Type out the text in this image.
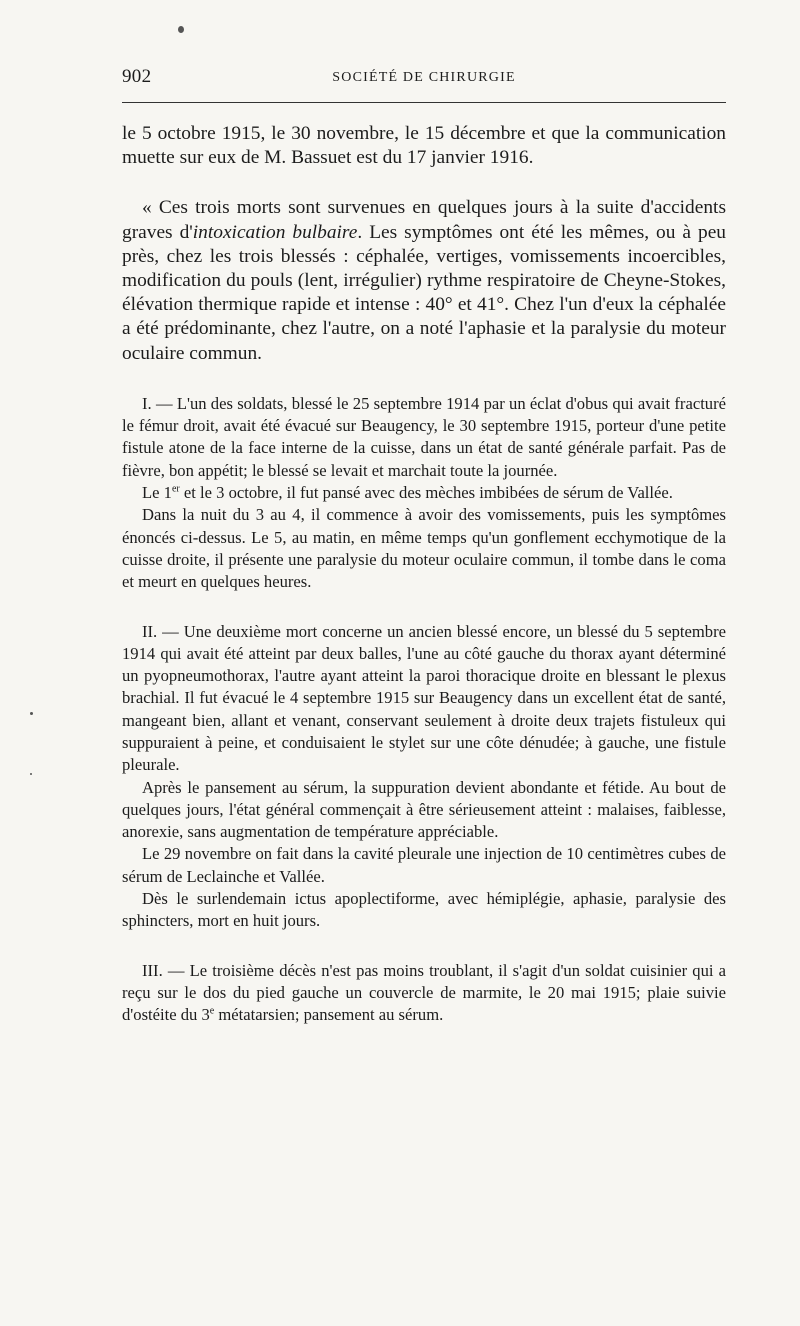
902	SOCIÉTÉ DE CHIRURGIE

le 5 octobre 1915, le 30 novembre, le 15 décembre et que la communication muette sur eux de M. Bassuet est du 17 janvier 1916.

« Ces trois morts sont survenues en quelques jours à la suite d'accidents graves d'intoxication bulbaire. Les symptômes ont été les mêmes, ou à peu près, chez les trois blessés : céphalée, vertiges, vomissements incoercibles, modification du pouls (lent, irrégulier) rythme respiratoire de Cheyne-Stokes, élévation thermique rapide et intense : 40° et 41°. Chez l'un d'eux la céphalée a été prédominante, chez l'autre, on a noté l'aphasie et la paralysie du moteur oculaire commun.

I. — L'un des soldats, blessé le 25 septembre 1914 par un éclat d'obus qui avait fracturé le fémur droit, avait été évacué sur Beaugency, le 30 septembre 1915, porteur d'une petite fistule atone de la face interne de la cuisse, dans un état de santé générale parfait. Pas de fièvre, bon appétit; le blessé se levait et marchait toute la journée.

Le 1er et le 3 octobre, il fut pansé avec des mèches imbibées de sérum de Vallée.

Dans la nuit du 3 au 4, il commence à avoir des vomissements, puis les symptômes énoncés ci-dessus. Le 5, au matin, en même temps qu'un gonflement ecchymotique de la cuisse droite, il présente une paralysie du moteur oculaire commun, il tombe dans le coma et meurt en quelques heures.

II. — Une deuxième mort concerne un ancien blessé encore, un blessé du 5 septembre 1914 qui avait été atteint par deux balles, l'une au côté gauche du thorax ayant déterminé un pyopneumothorax, l'autre ayant atteint la paroi thoracique droite en blessant le plexus brachial. Il fut évacué le 4 septembre 1915 sur Beaugency dans un excellent état de santé, mangeant bien, allant et venant, conservant seulement à droite deux trajets fistuleux qui suppuraient à peine, et conduisaient le stylet sur une côte dénudée; à gauche, une fistule pleurale.

Après le pansement au sérum, la suppuration devient abondante et fétide. Au bout de quelques jours, l'état général commençait à être sérieusement atteint : malaises, faiblesse, anorexie, sans augmentation de température appréciable.

Le 29 novembre on fait dans la cavité pleurale une injection de 10 centimètres cubes de sérum de Leclainche et Vallée.

Dès le surlendemain ictus apoplectiforme, avec hémiplégie, aphasie, paralysie des sphincters, mort en huit jours.

III. — Le troisième décès n'est pas moins troublant, il s'agit d'un soldat cuisinier qui a reçu sur le dos du pied gauche un couvercle de marmite, le 20 mai 1915; plaie suivie d'ostéite du 3e métatarsien; pansement au sérum.
